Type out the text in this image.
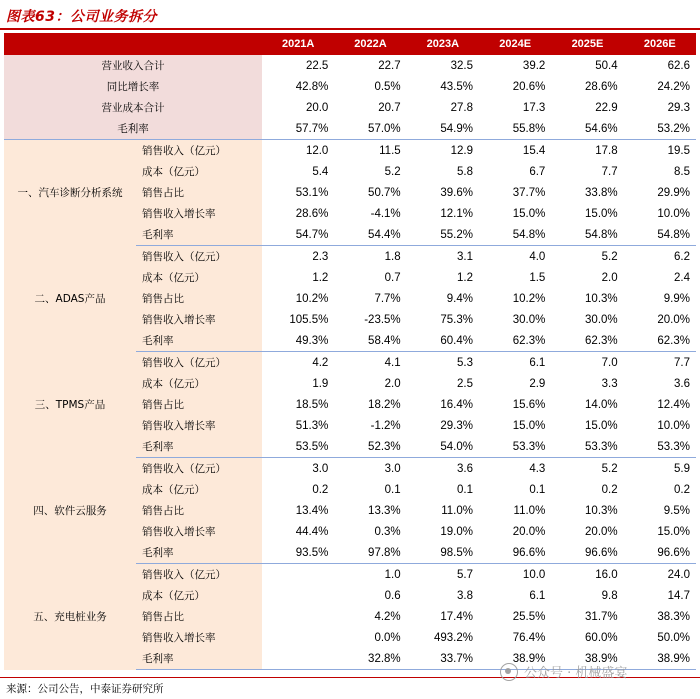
图表63：公司业务拆分
		2021A	2022A	2023A	2024E	2025E	2026E
营业收入合计		22.5	22.7	32.5	39.2	50.4	62.6
同比增长率		42.8%	0.5%	43.5%	20.6%	28.6%	24.2%
营业成本合计		20.0	20.7	27.8	17.3	22.9	29.3
毛利率		57.7%	57.0%	54.9%	55.8%	54.6%	53.2%
一、汽车诊断分析系统	销售收入（亿元）	12.0	11.5	12.9	15.4	17.8	19.5
	成本（亿元）	5.4	5.2	5.8	6.7	7.7	8.5
	销售占比	53.1%	50.7%	39.6%	37.7%	33.8%	29.9%
	销售收入增长率	28.6%	-4.1%	12.1%	15.0%	15.0%	10.0%
	毛利率	54.7%	54.4%	55.2%	54.8%	54.8%	54.8%
二、ADAS产品	销售收入（亿元）	2.3	1.8	3.1	4.0	5.2	6.2
	成本（亿元）	1.2	0.7	1.2	1.5	2.0	2.4
	销售占比	10.2%	7.7%	9.4%	10.2%	10.3%	9.9%
	销售收入增长率	105.5%	-23.5%	75.3%	30.0%	30.0%	20.0%
	毛利率	49.3%	58.4%	60.4%	62.3%	62.3%	62.3%
三、TPMS产品	销售收入（亿元）	4.2	4.1	5.3	6.1	7.0	7.7
	成本（亿元）	1.9	2.0	2.5	2.9	3.3	3.6
	销售占比	18.5%	18.2%	16.4%	15.6%	14.0%	12.4%
	销售收入增长率	51.3%	-1.2%	29.3%	15.0%	15.0%	10.0%
	毛利率	53.5%	52.3%	54.0%	53.3%	53.3%	53.3%
四、软件云服务	销售收入（亿元）	3.0	3.0	3.6	4.3	5.2	5.9
	成本（亿元）	0.2	0.1	0.1	0.1	0.2	0.2
	销售占比	13.4%	13.3%	11.0%	11.0%	10.3%	9.5%
	销售收入增长率	44.4%	0.3%	19.0%	20.0%	20.0%	15.0%
	毛利率	93.5%	97.8%	98.5%	96.6%	96.6%	96.6%
五、充电桩业务	销售收入（亿元）		1.0	5.7	10.0	16.0	24.0
	成本（亿元）		0.6	3.8	6.1	9.8	14.7
	销售占比		4.2%	17.4%	25.5%	31.7%	38.3%
	销售收入增长率		0.0%	493.2%	76.4%	60.0%	50.0%
	毛利率		32.8%	33.7%	38.9%	38.9%	38.9%
来源：公司公告，中泰证券研究所
公众号 · 机械盛宴
